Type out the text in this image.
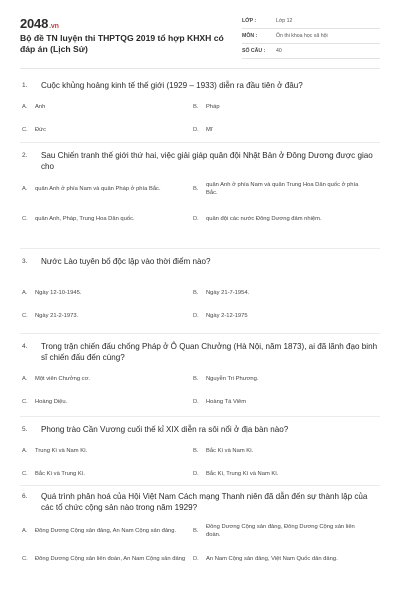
2048.vn
Bộ đề TN luyện thi THPTQG 2019 tổ hợp KHXH có đáp án (Lịch Sử)
LỚP :	Lớp 12
MÔN :	Ôn thi khoa học xã hội
SỐ CÂU :	40
1.	Cuộc khủng hoảng kinh tế thế giới (1929 – 1933) diễn ra đầu tiên ở đâu?
A.	Anh	B.	Pháp
C.	Đức	D.	Mĩ
2.	Sau Chiến tranh thế giới thứ hai, việc giải giáp quân đội Nhật Bản ở Đông Dương được giao cho
A.	quân Anh ở phía Nam và quân Pháp ở phía Bắc.	B.
quân Anh ở phía Nam và quân Trung Hoa Dân quốc ở phía Bắc.
C.	quân Anh, Pháp, Trung Hoa Dân quốc.	D.	quân đội các nước Đông Dương đảm nhiệm.
3.	Nước Lào tuyên bố độc lập vào thời điểm nào?
A.	Ngày 12-10-1945.	B.	Ngày 21-7-1954.
C.	Ngày 21-2-1973.	D.	Ngày 2-12-1975
4.	Trong trận chiến đấu chống Pháp ở Ô Quan Chưởng (Hà Nội, năm 1873), ai đã lãnh đạo binh sĩ chiến đấu đến cùng?
A.	Một viên Chưởng cơ.	B.	Nguyễn Tri Phương.
C.	Hoàng Diệu.	D.	Hoàng Tá Viêm
5.	Phong trào Cần Vương cuối thế kỉ XIX diễn ra sôi nổi ở địa bàn nào?
A.	Trung Kì và Nam Kì.	B.	Bắc Kì và Nam Kì.
C.	Bắc Kì và Trung Kì.	D.	Bắc Kì, Trung Kì và Nam Kì.
6.	Quá trình phân hoá của Hội Việt Nam Cách mạng Thanh niên đã dẫn đến sự thành lập của các tổ chức cộng sản nào trong năm 1929?
A.	Đông Dương Cộng sản đảng, An Nam Cộng sản đảng.	B.
Đông Dương Cộng sản đảng, Đông Dương Cộng sản liên đoàn.
C.	Đông Dương Cộng sản liên đoàn, An Nam Cộng sản đảng	D.	An Nam Cộng sản đảng, Việt Nam Quốc dân đảng.
